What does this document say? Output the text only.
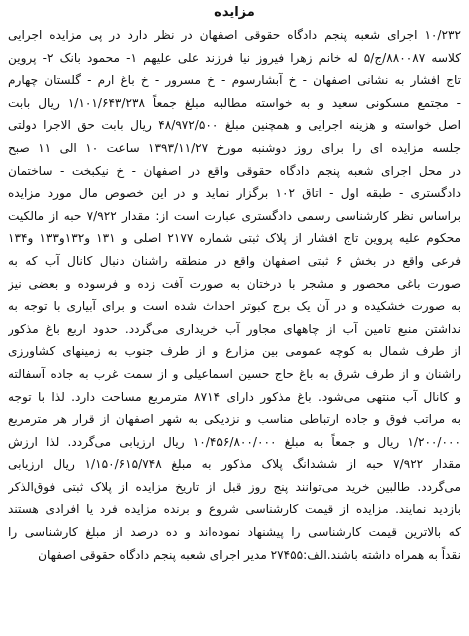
مزایده
۱۰/۲۳۲ اجرای شعبه پنجم دادگاه حقوقی اصفهان در نظر دارد در پی مزایده اجرایی
کلاسه ۸۸۰۰۸۷/ج/۵ له خانم زهرا فیروز نیا فرزند علی علیهم ۱- محمود بانک ۲- پروین
تاج افشار به نشانی اصفهان - خ آبشارسوم - خ مسرور - خ باغ ارم - گلستان چهارم
- مجتمع مسکونی سعید و به خواسته مطالبه مبلغ جمعاً ۱/۱۰۱/۶۴۳/۲۳۸ ریال بابت
اصل خواسته و هزینه اجرایی و همچنین مبلغ ۴۸/۹۷۲/۵۰۰ ریال بابت حق الاجرا دولتی
جلسه مزایده ای را برای روز دوشنبه مورخ ۱۳۹۳/۱۱/۲۷ ساعت ۱۰ الی ۱۱ صبح
در محل اجرای شعبه پنجم دادگاه حقوقی واقع در اصفهان - خ نیکبخت - ساختمان
دادگستری - طبقه اول - اتاق ۱۰۲ برگزار نماید و در این خصوص مال مورد مزایده
براساس نظر کارشناسی رسمی دادگستری عبارت است از: مقدار ۷/۹۲۲ حبه از مالکیت
محکوم علیه پروین تاج افشار از پلاک ثبتی شماره ۲۱۷۷ اصلی و ۱۳۱ و۱۳۲و۱۳۳ و۱۳۴
فرعی واقع در بخش ۶ ثبتی اصفهان واقع در منطقه راشنان دنبال کانال آب که به
صورت باغی محصور و مشجر با درختان به صورت آفت زده و فرسوده و بعضی نیز
به صورت خشکیده و در آن یک برج کبوتر احداث شده است و برای آبیاری با توجه به
نداشتن منبع تامین آب از چاههای مجاور آب خریداری می‌گردد. حدود اربع باغ مذکور
از طرف شمال به کوچه عمومی بین مزارع و از طرف جنوب به زمینهای کشاورزی
راشنان و از طرف شرق به باغ حاج حسین اسماعیلی و از سمت غرب به جاده آسفالته
و کانال آب منتهی می‌شود. باغ مذکور دارای ۸۷۱۴ مترمربع مساحت دارد. لذا با توجه
به مراتب فوق و جاده ارتباطی مناسب و نزدیکی به شهر اصفهان از قرار هر مترمربع
۱/۲۰۰/۰۰۰ ریال و جمعاً به مبلغ ۱۰/۴۵۶/۸۰۰/۰۰۰ ریال ارزیابی می‌گردد. لذا ارزش
مقدار ۷/۹۲۲ حبه از ششدانگ پلاک مذکور به مبلغ ۱/۱۵۰/۶۱۵/۷۴۸ ریال ارزیابی
می‌گردد. طالبین خرید می‌توانند پنج روز قبل از تاریخ مزایده از پلاک ثبتی فوق‌الذکر
بازدید نمایند. مزایده از قیمت کارشناسی شروع و برنده مزایده فرد یا افرادی هستند
که بالاترین قیمت کارشناسی را پیشنهاد نموده‌اند و ده درصد از مبلغ کارشناسی را
نقداً به همراه داشته باشند.الف:۲۷۴۵۵ مدیر اجرای شعبه پنجم دادگاه حقوقی اصفهان
